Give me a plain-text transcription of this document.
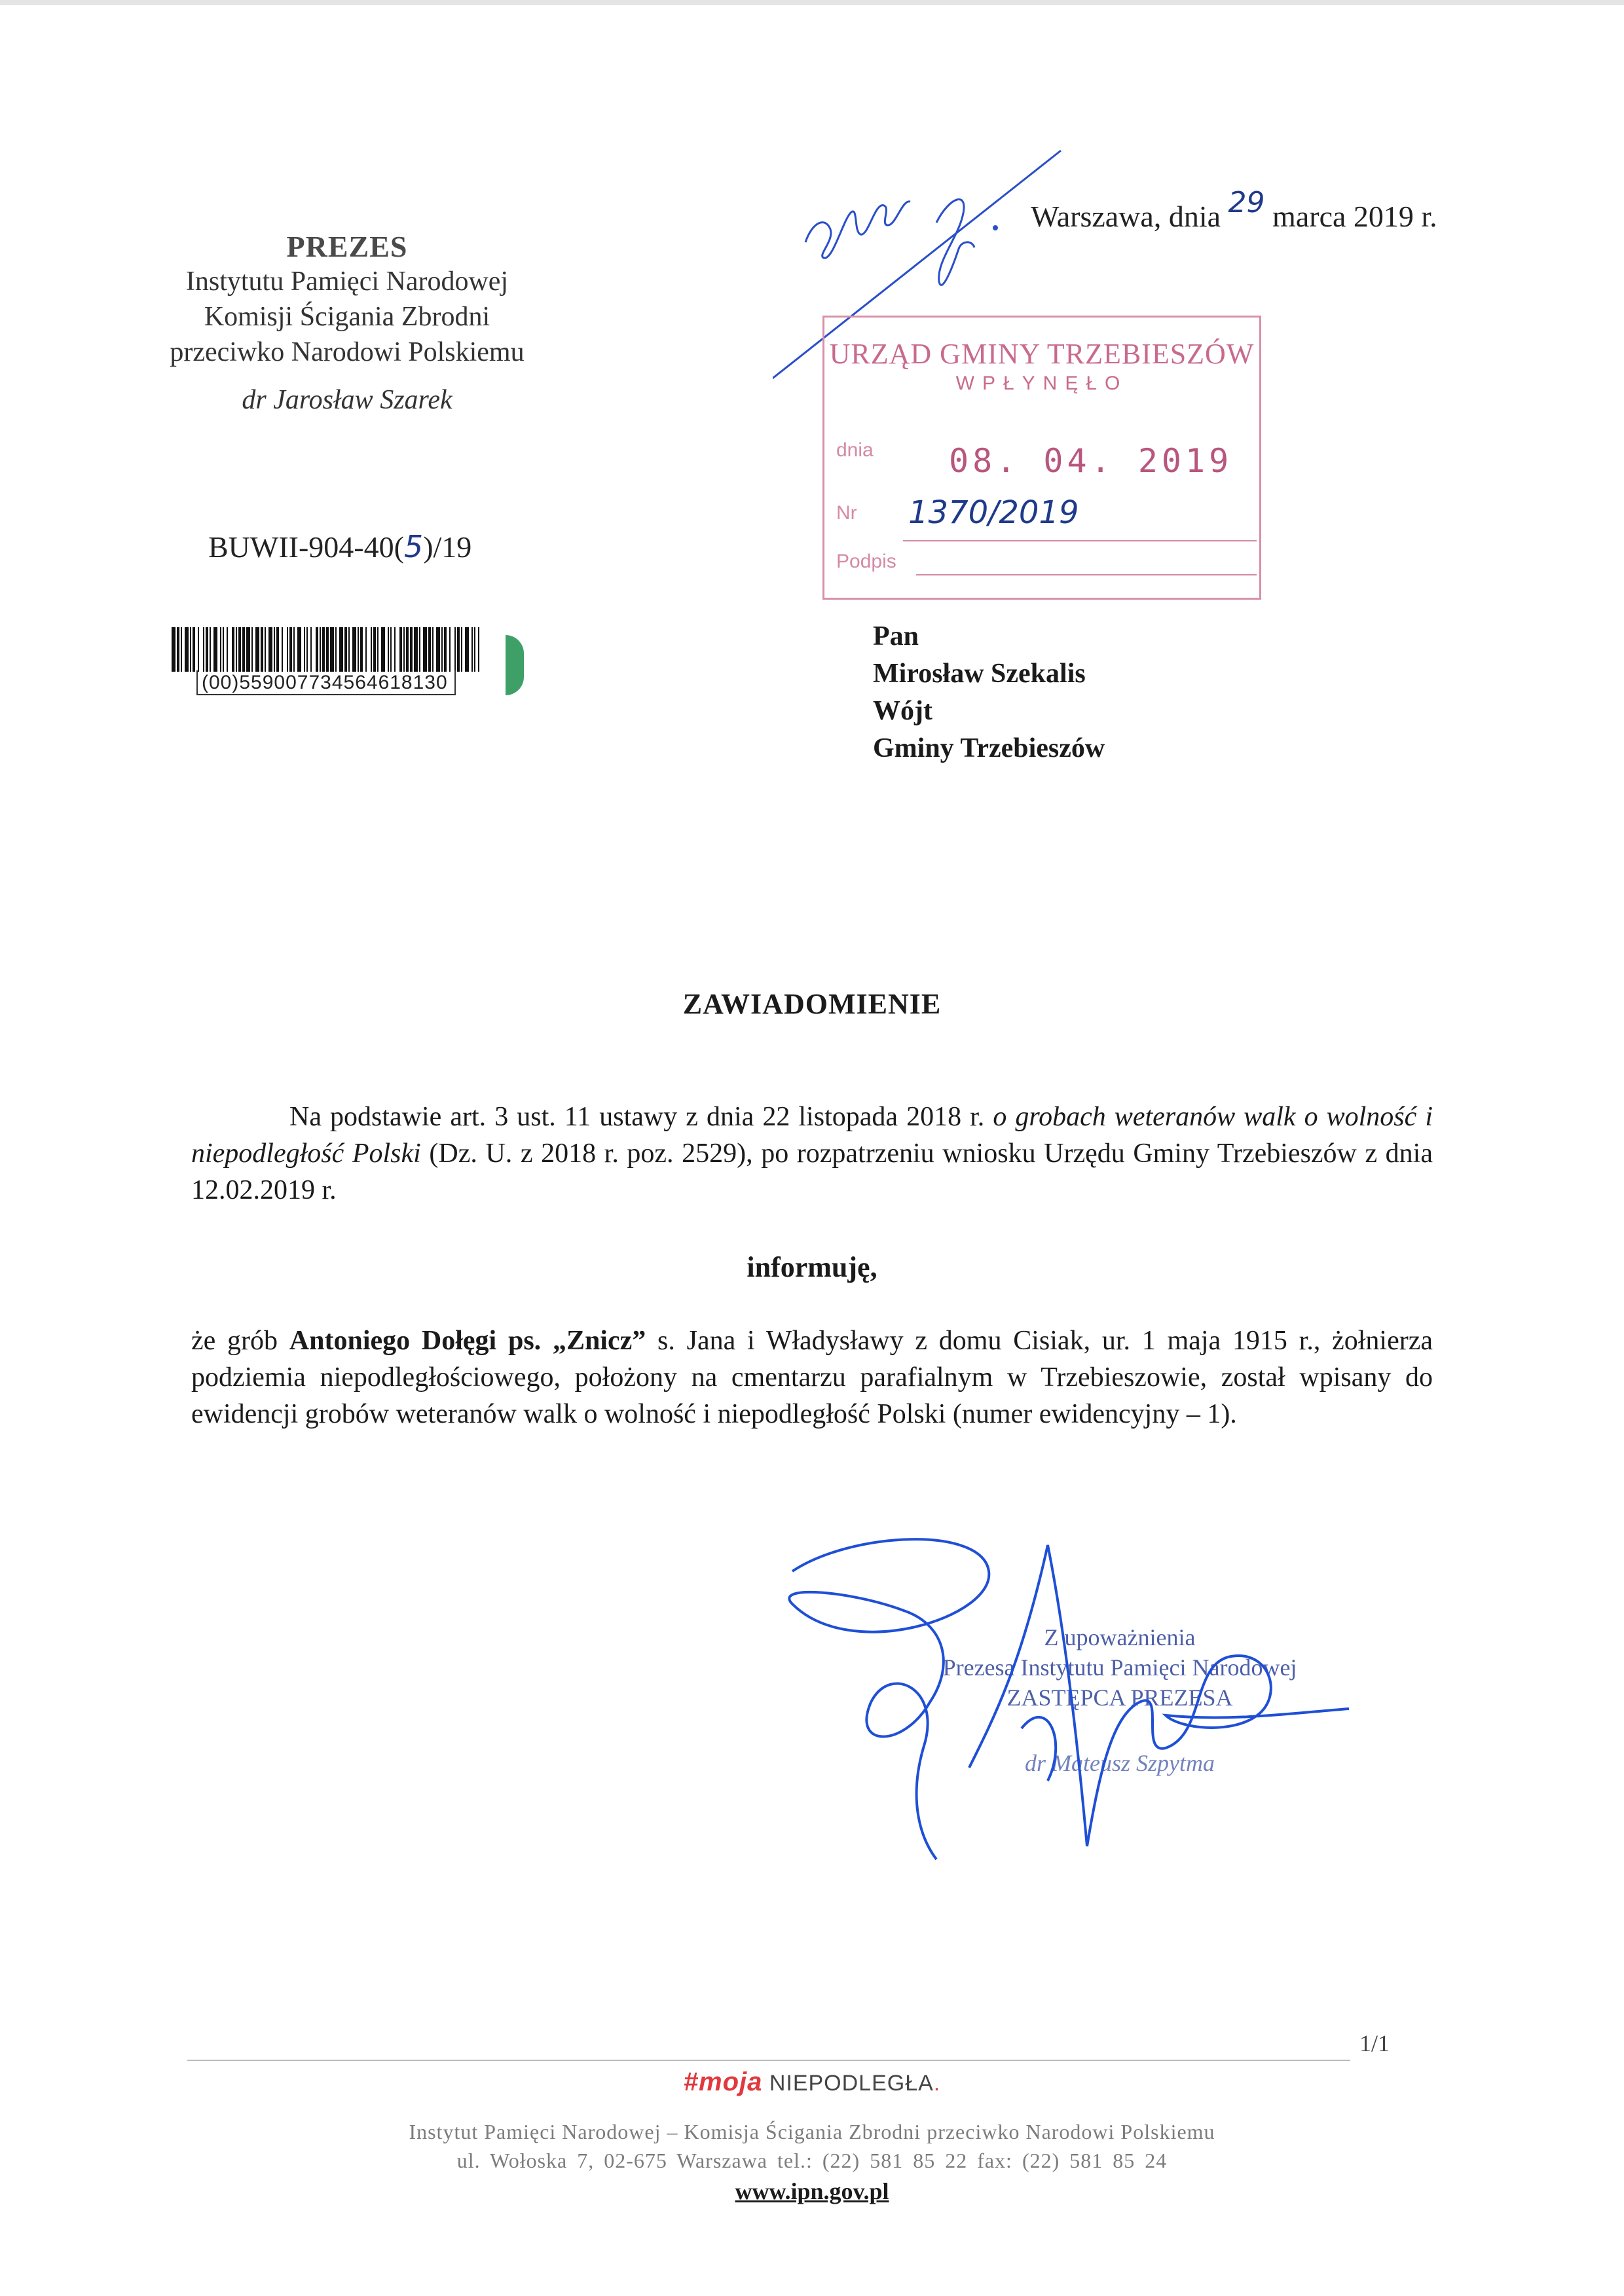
PREZES
Instytutu Pamięci Narodowej
Komisji Ścigania Zbrodni
przeciwko Narodowi Polskiemu
dr Jarosław Szarek
BUWII-904-40(5)/19
(00)559007734564618130
Warszawa, dnia 29 marca 2019 r.
URZĄD GMINY TRZEBIESZÓW
WPŁYNĘŁO
dnia 08. 04. 2019
Nr 1370/2019
Podpis
Pan
Mirosław Szekalis
Wójt
Gminy Trzebieszów
ZAWIADOMIENIE
Na podstawie art. 3 ust. 11 ustawy z dnia 22 listopada 2018 r. o grobach weteranów walk o wolność i niepodległość Polski (Dz. U. z 2018 r. poz. 2529), po rozpatrzeniu wniosku Urzędu Gminy Trzebieszów z dnia 12.02.2019 r.
informuję,
że grób Antoniego Dołęgi ps. „Znicz” s. Jana i Władysławy z domu Cisiak, ur. 1 maja 1915 r., żołnierza podziemia niepodległościowego, położony na cmentarzu parafialnym w Trzebieszowie, został wpisany do ewidencji grobów weteranów walk o wolność i niepodległość Polski (numer ewidencyjny – 1).
Z upoważnienia
Prezesa Instytutu Pamięci Narodowej
ZASTĘPCA PREZESA
dr Mateusz Szpytma
1/1
#moja NIEPODLEGŁA.
Instytut Pamięci Narodowej – Komisja Ścigania Zbrodni przeciwko Narodowi Polskiemu
ul. Wołoska 7, 02-675 Warszawa tel.: (22) 581 85 22 fax: (22) 581 85 24
www.ipn.gov.pl
